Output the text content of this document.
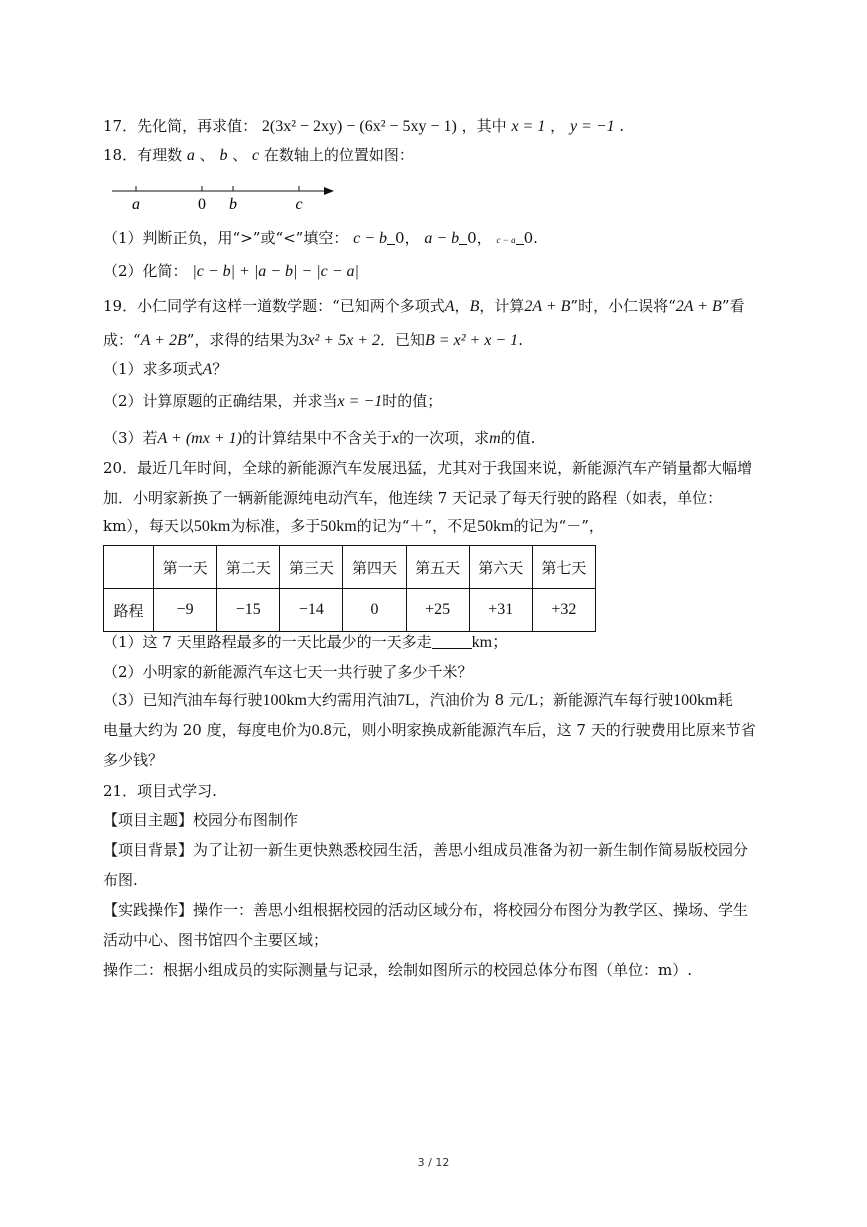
17．先化简，再求值： 2(3x² − 2xy) − (6x² − 5xy − 1) ，其中 x = 1 ， y = −1 .
18．有理数 a 、 b 、 c 在数轴上的位置如图：
a	0 b	c
（1）判断正负，用“>”或“<”填空： c − b 0， a − b 0， c − a 0.
（2）化简： |c − b| + |a − b| − |c − a|
19．小仁同学有这样一道数学题：“已知两个多项式A，B，计算2A + B”时，小仁误将“2A + B”看
成：“A + 2B”，求得的结果为3x² + 5x + 2．已知B = x² + x − 1.
（1）求多项式A？
（2）计算原题的正确结果，并求当x = −1时的值；
（3）若A + (mx + 1)的计算结果中不含关于x的一次项，求m的值.
20．最近几年时间，全球的新能源汽车发展迅猛，尤其对于我国来说，新能源汽车产销量都大幅增
加．小明家新换了一辆新能源纯电动汽车，他连续 7 天记录了每天行驶的路程（如表，单位：
km），每天以50km为标准，多于50km的记为“＋”，不足50km的记为“－”，
	第一天	第二天	第三天	第四天	第五天	第六天	第七天
路程	−9	−15	−14	0	+25	+31	+32
（1）这 7 天里路程最多的一天比最少的一天多走	km；
（2）小明家的新能源汽车这七天一共行驶了多少千米？
（3）已知汽油车每行驶100km大约需用汽油7L，汽油价为 8 元/L；新能源汽车每行驶100km耗
电量大约为 20 度，每度电价为0.8元，则小明家换成新能源汽车后，这 7 天的行驶费用比原来节省
多少钱？
21．项目式学习.
【项目主题】校园分布图制作
【项目背景】为了让初一新生更快熟悉校园生活，善思小组成员准备为初一新生制作简易版校园分
布图.
【实践操作】操作一：善思小组根据校园的活动区域分布，将校园分布图分为教学区、操场、学生
活动中心、图书馆四个主要区域；
操作二：根据小组成员的实际测量与记录，绘制如图所示的校园总体分布图（单位：m）.
3 / 12
